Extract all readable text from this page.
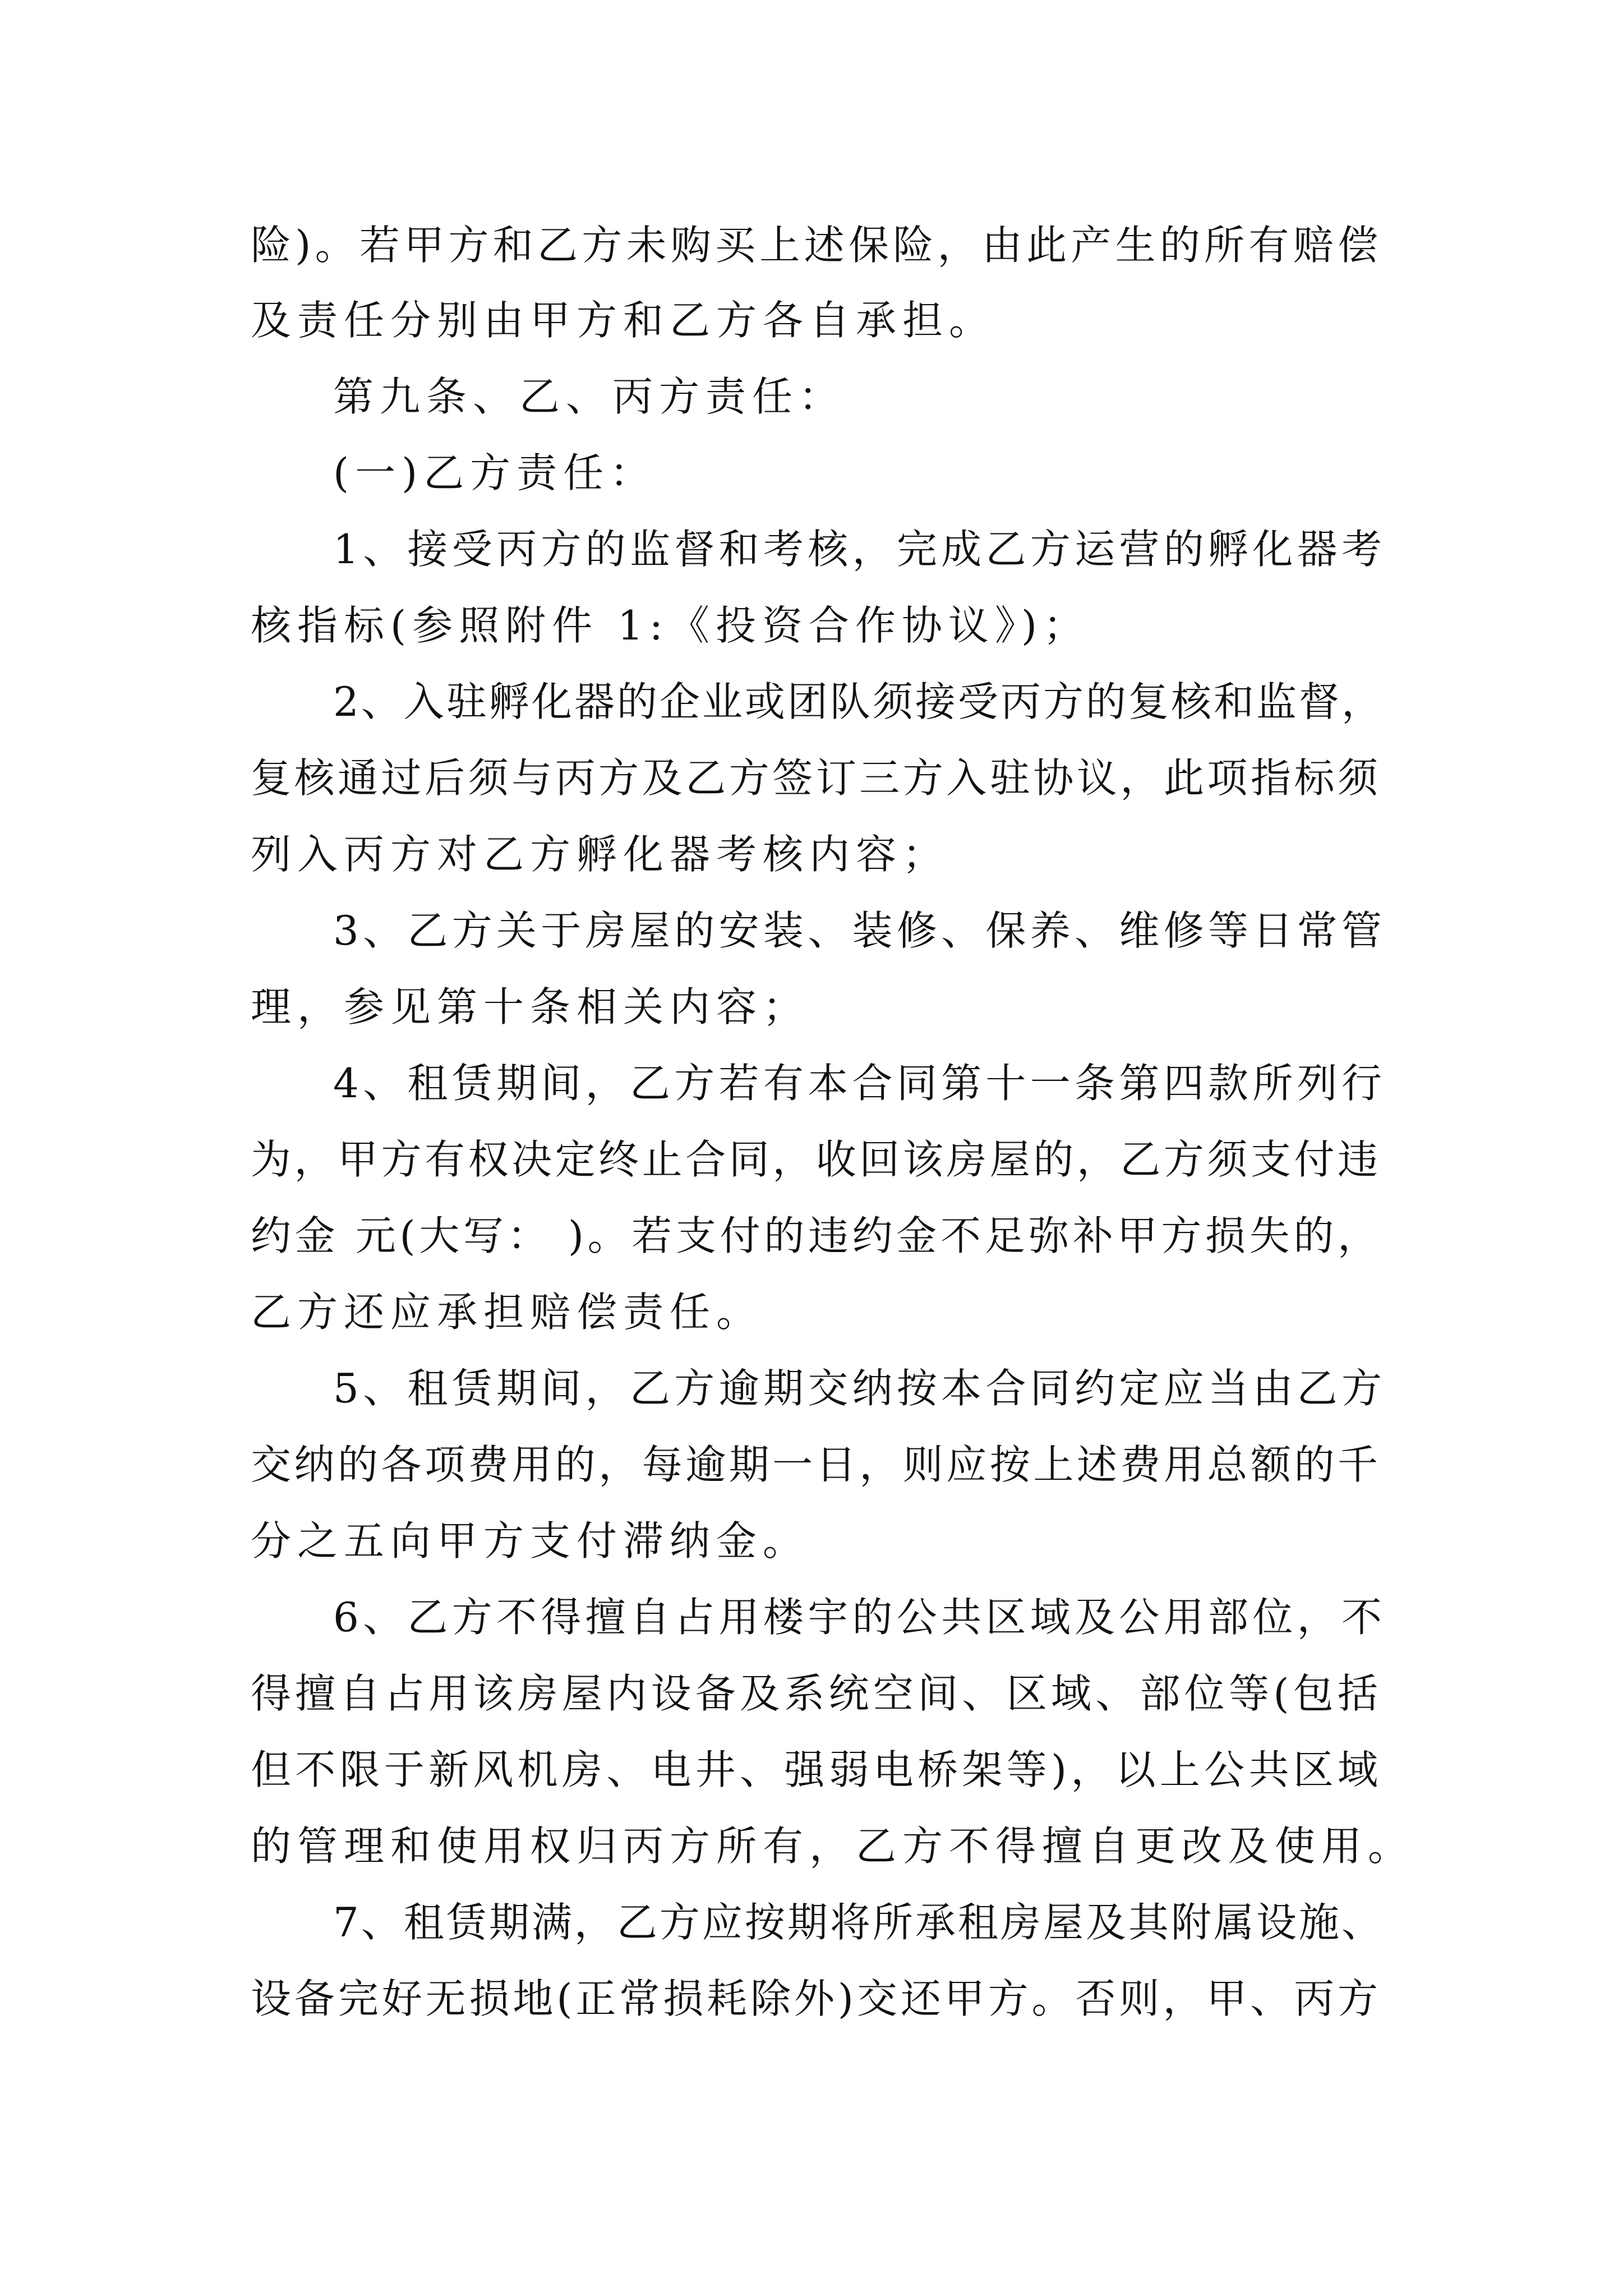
险)。若甲方和乙方未购买上述保险，由此产生的所有赔偿
及责任分别由甲方和乙方各自承担。
第九条、乙、丙方责任：
(一)乙方责任：
1、接受丙方的监督和考核，完成乙方运营的孵化器考
核指标(参照附件 1:《投资合作协议》)；
2、入驻孵化器的企业或团队须接受丙方的复核和监督，
复核通过后须与丙方及乙方签订三方入驻协议，此项指标须
列入丙方对乙方孵化器考核内容；
3、乙方关于房屋的安装、装修、保养、维修等日常管
理，参见第十条相关内容；
4、租赁期间，乙方若有本合同第十一条第四款所列行
为，甲方有权决定终止合同，收回该房屋的，乙方须支付违
约金 元(大写： )。若支付的违约金不足弥补甲方损失的，
乙方还应承担赔偿责任。
5、租赁期间，乙方逾期交纳按本合同约定应当由乙方
交纳的各项费用的，每逾期一日，则应按上述费用总额的千
分之五向甲方支付滞纳金。
6、乙方不得擅自占用楼宇的公共区域及公用部位，不
得擅自占用该房屋内设备及系统空间、区域、部位等(包括
但不限于新风机房、电井、强弱电桥架等)，以上公共区域
的管理和使用权归丙方所有，乙方不得擅自更改及使用。
7、租赁期满，乙方应按期将所承租房屋及其附属设施、
设备完好无损地(正常损耗除外)交还甲方。否则，甲、丙方
